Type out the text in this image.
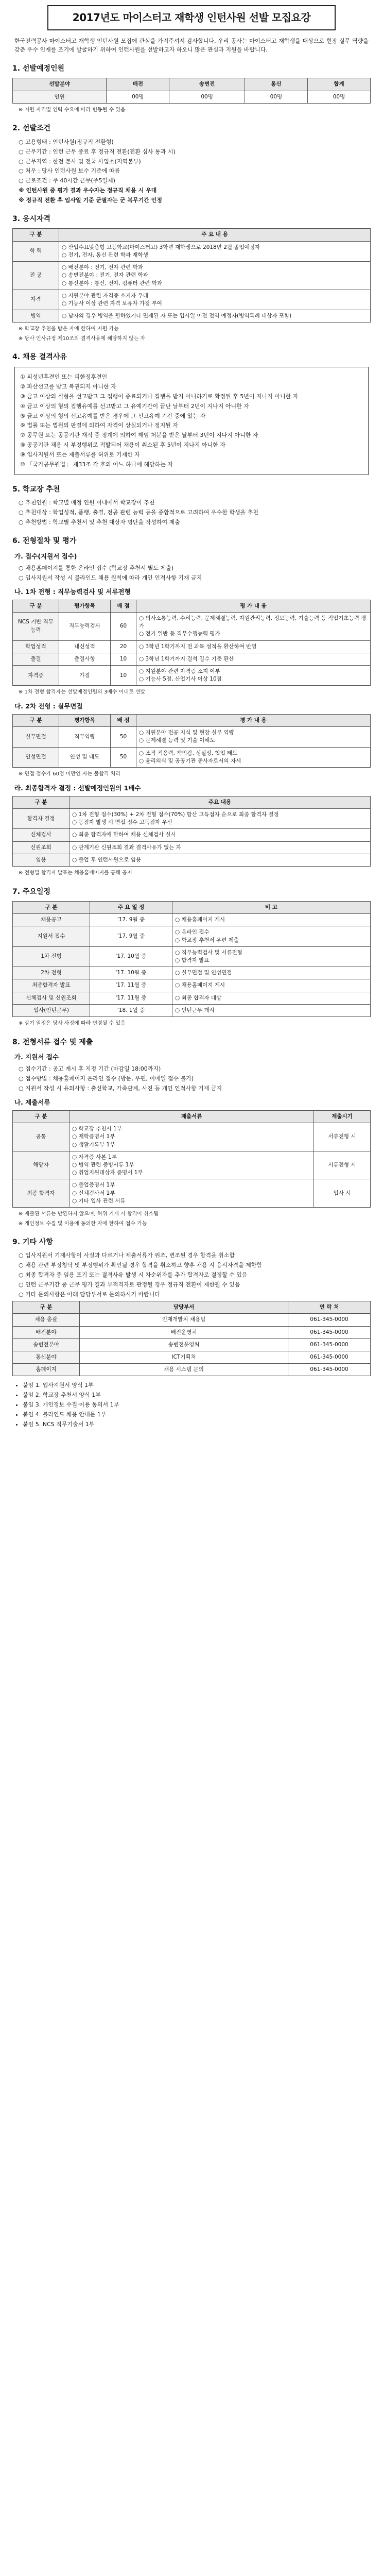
2017년도 마이스터고 재학생 인턴사원 선발 모집요강

한국전력공사 마이스터고 재학생 인턴사원 모집에 관심을 가져주셔서 감사합니다. 우리 공사는 마이스터고 재학생을 대상으로 현장 실무 역량을 갖춘 우수 인재를 조기에 발굴하기 위하여 인턴사원을 선발하고자 하오니 많은 관심과 지원을 바랍니다.

1. 선발예정인원
선발분야	배전	송변전	통신	합계
인원	00명	00명	00명	00명
※ 지원 자격별 인력 수요에 따라 변동될 수 있음
2. 선발조건
○ 고용형태 : 인턴사원(정규직 전환형)
○ 근무기간 : 인턴 근무 종료 후 정규직 전환(전환 심사 통과 시)
○ 근무지역 : 한전 본사 및 전국 사업소(지역본부)
○ 처우 : 당사 인턴사원 보수 기준에 따름
○ 근로조건 : 주 40시간 근무(주5일제)
※ 인턴사원 중 평가 결과 우수자는 정규직 채용 시 우대
※ 정규직 전환 후 입사일 기준 군필자는 군 복무기간 인정
3. 응시자격
구 분	주 요 내 용
학 력	○ 산업수요맞춤형 고등학교(마이스터고) 3학년 재학생으로 2018년 2월 졸업예정자
○ 전기, 전자, 통신 관련 학과 재학생
전 공	○ 배전분야 : 전기, 전자 관련 학과
○ 송변전분야 : 전기, 전자 관련 학과
○ 통신분야 : 통신, 전자, 컴퓨터 관련 학과
자격	○ 지원분야 관련 자격증 소지자 우대
○ 기능사 이상 관련 자격 보유자 가점 부여
병역	○ 남자의 경우 병역을 필하였거나 면제된 자 또는 입사일 이전 전역 예정자(병역특례 대상자 포함)
※ 학교장 추천을 받은 자에 한하여 지원 가능
※ 당사 인사규정 제10조의 결격사유에 해당하지 않는 자
4. 채용 결격사유

① 피성년후견인 또는 피한정후견인

② 파산선고를 받고 복권되지 아니한 자

③ 금고 이상의 실형을 선고받고 그 집행이 종료되거나 집행을 받지 아니하기로 확정된 후 5년이 지나지 아니한 자

④ 금고 이상의 형의 집행유예를 선고받고 그 유예기간이 끝난 날부터 2년이 지나지 아니한 자

⑤ 금고 이상의 형의 선고유예를 받은 경우에 그 선고유예 기간 중에 있는 자

⑥ 법률 또는 법원의 판결에 의하여 자격이 상실되거나 정지된 자

⑦ 공무원 또는 공공기관 재직 중 징계에 의하여 해임 처분을 받은 날부터 3년이 지나지 아니한 자

⑧ 공공기관 채용 시 부정행위로 적발되어 채용이 취소된 후 5년이 지나지 아니한 자

⑨ 입사지원서 또는 제출서류를 허위로 기재한 자

⑩ 「국가공무원법」 제33조 각 호의 어느 하나에 해당하는 자

5. 학교장 추천
○ 추천인원 : 학교별 배정 인원 이내에서 학교장이 추천
○ 추천대상 : 학업성적, 품행, 출결, 전공 관련 능력 등을 종합적으로 고려하여 우수한 학생을 추천
○ 추천방법 : 학교별 추천서 및 추천 대상자 명단을 작성하여 제출
6. 전형절차 및 평가
가. 접수(지원서 접수)
○ 채용홈페이지를 통한 온라인 접수 (학교장 추천서 별도 제출)
○ 입사지원서 작성 시 블라인드 채용 원칙에 따라 개인 인적사항 기재 금지
나. 1차 전형 : 직무능력검사 및 서류전형
구 분	평가항목	배 점	평 가 내 용
NCS 기반 직무능력	직무능력검사	60	○ 의사소통능력, 수리능력, 문제해결능력, 자원관리능력, 정보능력, 기술능력 등 직업기초능력 평가
○ 전기 일반 등 직무수행능력 평가
학업성적	내신성적	20	○ 3학년 1학기까지 전 과목 성적을 환산하여 반영
출결	출결사항	10	○ 3학년 1학기까지 결석 일수 기준 환산
자격증	가점	10	○ 지원분야 관련 자격증 소지 여부
○ 기능사 5점, 산업기사 이상 10점
※ 1차 전형 합격자는 선발예정인원의 3배수 이내로 선발
다. 2차 전형 : 실무면접
구 분	평가항목	배 점	평 가 내 용
실무면접	직무역량	50	○ 지원분야 전공 지식 및 현장 실무 역량
○ 문제해결 능력 및 기술 이해도
인성면접	인성 및 태도	50	○ 조직 적응력, 책임감, 성실성, 협업 태도
○ 윤리의식 및 공공기관 종사자로서의 자세
※ 면접 점수가 60점 미만인 자는 불합격 처리
라. 최종합격자 결정 : 선발예정인원의 1배수
구 분	주요 내용
합격자 결정	○ 1차 전형 점수(30%) + 2차 전형 점수(70%) 합산 고득점자 순으로 최종 합격자 결정
○ 동점자 발생 시 면접 점수 고득점자 우선
신체검사	○ 최종 합격자에 한하여 채용 신체검사 실시
신원조회	○ 관계기관 신원조회 결과 결격사유가 없는 자
임용	○ 졸업 후 인턴사원으로 임용
※ 전형별 합격자 발표는 채용홈페이지를 통해 공지
7. 주요일정
구 분	주 요 일 정	비 고
채용공고	'17. 9월 중	○ 채용홈페이지 게시
지원서 접수	'17. 9월 중	○ 온라인 접수
○ 학교장 추천서 우편 제출
1차 전형	'17. 10월 중	○ 직무능력검사 및 서류전형
○ 합격자 발표
2차 전형	'17. 10월 중	○ 실무면접 및 인성면접
최종합격자 발표	'17. 11월 중	○ 채용홈페이지 게시
신체검사 및 신원조회	'17. 11월 중	○ 최종 합격자 대상
입사(인턴근무)	'18. 1월 중	○ 인턴근무 개시
※ 상기 일정은 당사 사정에 따라 변경될 수 있음
8. 전형서류 접수 및 제출
가. 지원서 접수
○ 접수기간 : 공고 게시 후 지정 기간 (마감일 18:00까지)
○ 접수방법 : 채용홈페이지 온라인 접수 (방문, 우편, 이메일 접수 불가)
○ 지원서 작성 시 유의사항 : 출신학교, 가족관계, 사진 등 개인 인적사항 기재 금지
나. 제출서류
구 분	제출서류	제출시기
공통	○ 학교장 추천서 1부
○ 재학증명서 1부
○ 생활기록부 1부	서류전형 시
해당자	○ 자격증 사본 1부
○ 병역 관련 증빙서류 1부
○ 취업지원대상자 증명서 1부	서류전형 시
최종 합격자	○ 졸업증명서 1부
○ 신체검사서 1부
○ 기타 입사 관련 서류	입사 시
※ 제출된 서류는 반환하지 않으며, 허위 기재 시 합격이 취소됨
※ 개인정보 수집 및 이용에 동의한 자에 한하여 접수 가능
9. 기타 사항
○ 입사지원서 기재사항이 사실과 다르거나 제출서류가 위조, 변조된 경우 합격을 취소함
○ 채용 관련 부정청탁 및 부정행위가 확인될 경우 합격을 취소하고 향후 채용 시 응시자격을 제한함
○ 최종 합격자 중 임용 포기 또는 결격사유 발생 시 차순위자를 추가 합격자로 결정할 수 있음
○ 인턴 근무기간 중 근무 평가 결과 부적격자로 판정될 경우 정규직 전환이 제한될 수 있음
○ 기타 문의사항은 아래 담당부서로 문의하시기 바랍니다
구 분	담당부서	연 락 처
채용 총괄	인재개발처 채용팀	061-345-0000
배전분야	배전운영처	061-345-0000
송변전분야	송변전운영처	061-345-0000
통신분야	ICT기획처	061-345-0000
홈페이지	채용 시스템 문의	061-345-0000
• 붙임 1. 입사지원서 양식 1부
• 붙임 2. 학교장 추천서 양식 1부
• 붙임 3. 개인정보 수집·이용 동의서 1부
• 붙임 4. 블라인드 채용 안내문 1부
• 붙임 5. NCS 직무기술서 1부
